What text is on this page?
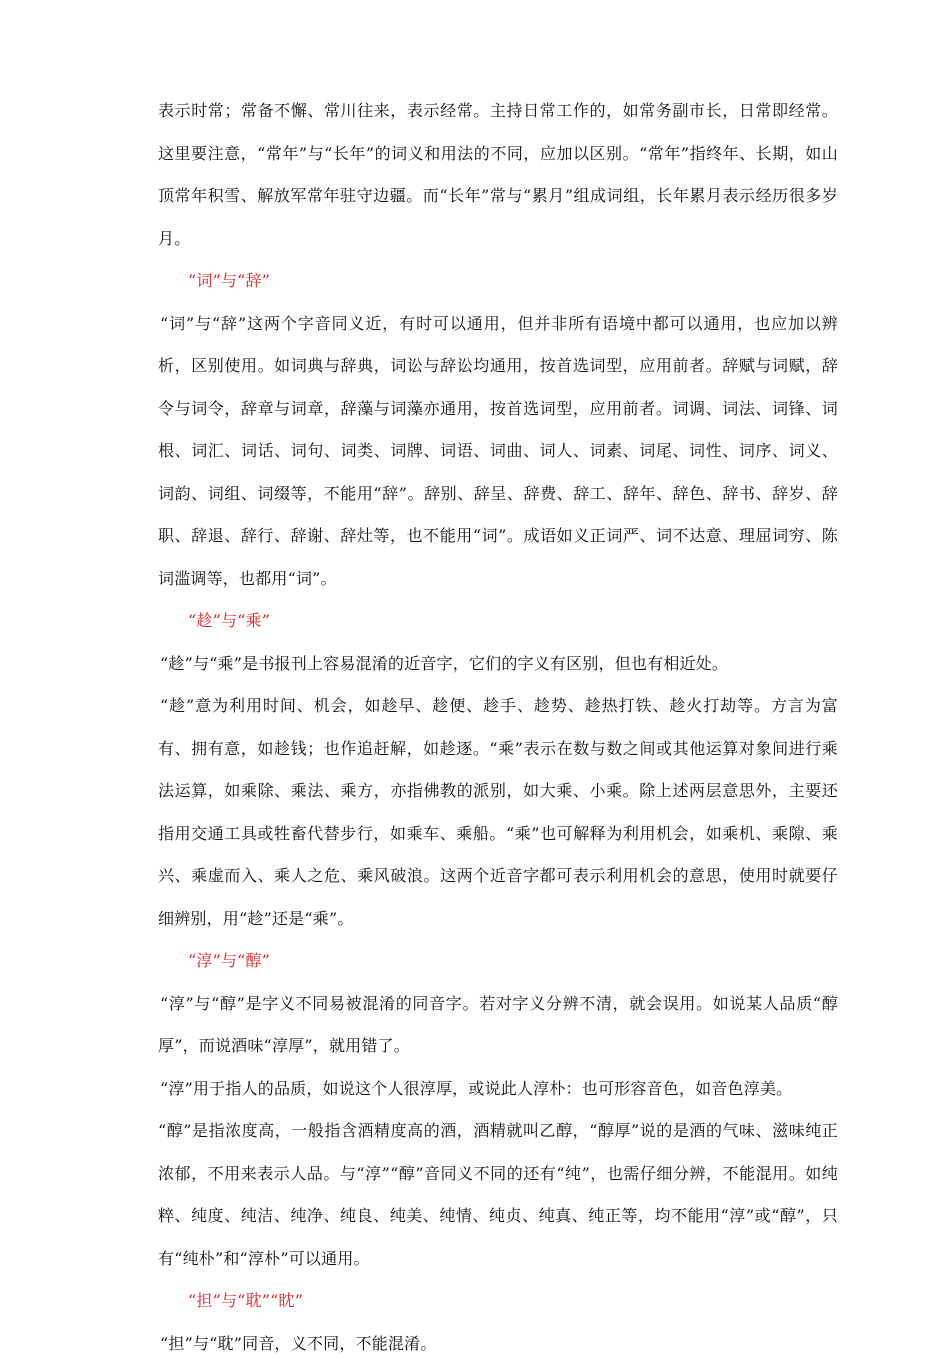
表示时常；常备不懈、常川往来，表示经常。主持日常工作的，如常务副市长，日常即经常。这里要注意，“常年”与“长年”的词义和用法的不同，应加以区别。“常年”指终年、长期，如山顶常年积雪、解放军常年驻守边疆。而“长年”常与“累月”组成词组，长年累月表示经历很多岁月。

“词”与“辞”

“词”与“辞”这两个字音同义近，有时可以通用，但并非所有语境中都可以通用，也应加以辨析，区别使用。如词典与辞典，词讼与辞讼均通用，按首选词型，应用前者。辞赋与词赋，辞令与词令，辞章与词章，辞藻与词藻亦通用，按首选词型，应用前者。词调、词法、词锋、词根、词汇、词话、词句、词类、词牌、词语、词曲、词人、词素、词尾、词性、词序、词义、词韵、词组、词缀等，不能用“辞”。辞别、辞呈、辞费、辞工、辞年、辞色、辞书、辞岁、辞职、辞退、辞行、辞谢、辞灶等，也不能用“词”。成语如义正词严、词不达意、理屈词穷、陈词滥调等，也都用“词”。

“趁”与“乘”

“趁”与“乘”是书报刊上容易混淆的近音字，它们的字义有区别，但也有相近处。

“趁”意为利用时间、机会，如趁早、趁便、趁手、趁势、趁热打铁、趁火打劫等。方言为富有、拥有意，如趁钱；也作追赶解，如趁逐。“乘”表示在数与数之间或其他运算对象间进行乘法运算，如乘除、乘法、乘方，亦指佛教的派别，如大乘、小乘。除上述两层意思外，主要还指用交通工具或牲畜代替步行，如乘车、乘船。“乘”也可解释为利用机会，如乘机、乘隙、乘兴、乘虚而入、乘人之危、乘风破浪。这两个近音字都可表示利用机会的意思，使用时就要仔细辨别，用“趁”还是“乘”。

“淳”与“醇”

“淳”与“醇”是字义不同易被混淆的同音字。若对字义分辨不清，就会误用。如说某人品质“醇厚”，而说酒味“淳厚”，就用错了。

“淳”用于指人的品质，如说这个人很淳厚，或说此人淳朴：也可形容音色，如音色淳美。

“醇”是指浓度高，一般指含酒精度高的酒，酒精就叫乙醇，“醇厚”说的是酒的气味、滋味纯正浓郁，不用来表示人品。与“淳”“醇”音同义不同的还有“纯”，也需仔细分辨，不能混用。如纯粹、纯度、纯洁、纯净、纯良、纯美、纯情、纯贞、纯真、纯正等，均不能用“淳”或“醇”，只有“纯朴”和“淳朴”可以通用。

“担”与“耽”“眈”

“担”与“耽”同音，义不同，不能混淆。
